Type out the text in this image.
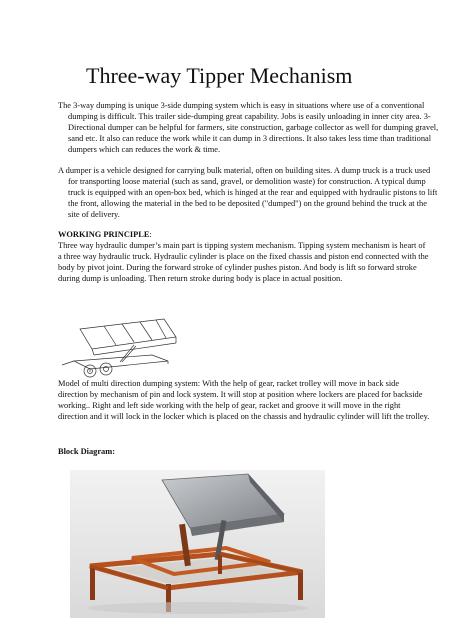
Three-way Tipper Mechanism

The 3-way dumping is unique 3-side dumping system which is easy in situations where use of a conventional dumping is difficult. This trailer side-dumping great capability. Jobs is easily unloading in inner city area. 3-Directional dumper can be helpful for farmers, site construction, garbage collector as well for dumping gravel, sand etc. It also can reduce the work while it can dump in 3 directions. It also takes less time than traditional dumpers which can reduces the work & time.

A dumper is a vehicle designed for carrying bulk material, often on building sites. A dump truck is a truck used for transporting loose material (such as sand, gravel, or demolition waste) for construction. A typical dump truck is equipped with an open-box bed, which is hinged at the rear and equipped with hydraulic pistons to lift the front, allowing the material in the bed to be deposited ("dumped") on the ground behind the truck at the site of delivery.

WORKING PRINCIPLE:

Three way hydraulic dumper’s main part is tipping system mechanism. Tipping system mechanism is heart of a three way hydraulic truck. Hydraulic cylinder is place on the fixed chassis and piston end connected with the body by pivot joint. During the forward stroke of cylinder pushes piston. And body is lift so forward stroke during dump is unloading. Then return stroke during body is place in actual position.

Model of multi direction dumping system: With the help of gear, racket trolley will move in back side direction by mechanism of pin and lock system. It will stop at position where lockers are placed for backside working.. Right and left side working with the help of gear, racket and groove it will move in the right direction and it will lock in the locker which is placed on the chassis and hydraulic cylinder will lift the trolley.

Block Diagram:
